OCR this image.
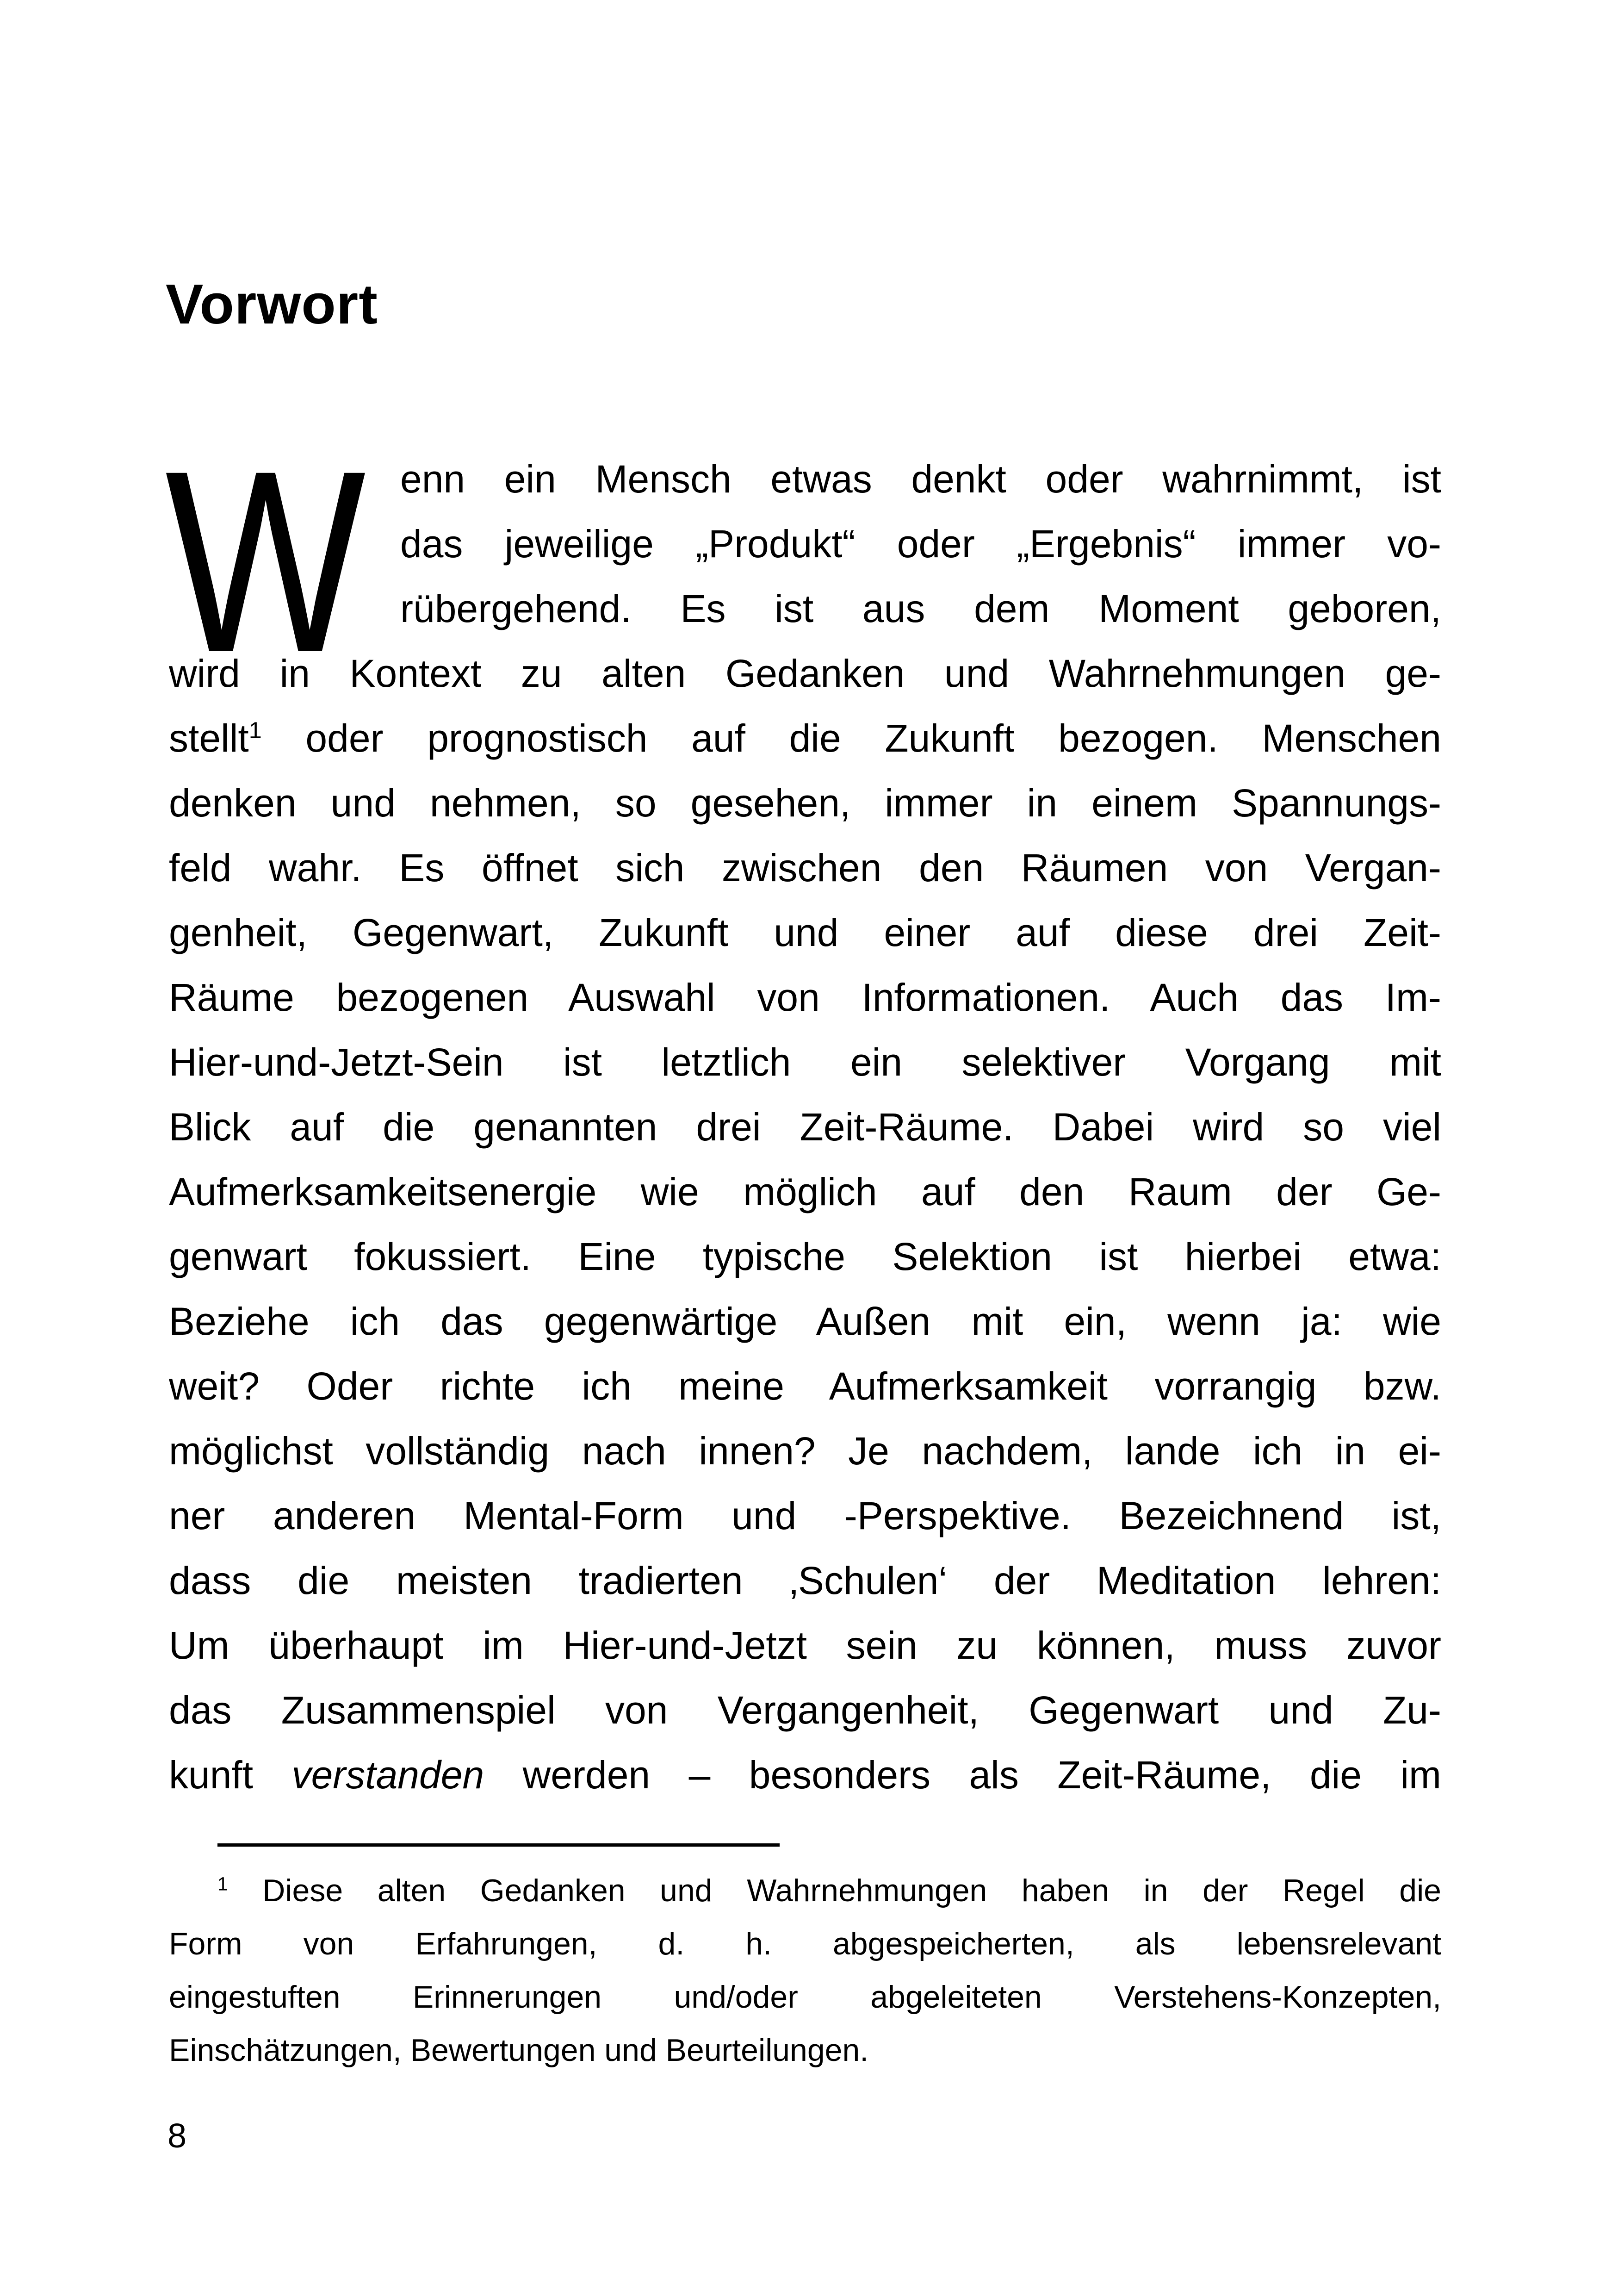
Vorwort
W enn ein Mensch etwas denkt oder wahrnimmt, ist
das jeweilige „Produkt“ oder „Ergebnis“ immer vo-
rübergehend. Es ist aus dem Moment geboren,
wird in Kontext zu alten Gedanken und Wahrnehmungen ge-
stellt$^1$ oder prognostisch auf die Zukunft bezogen. Menschen
denken und nehmen, so gesehen, immer in einem Spannungs-
feld wahr. Es öffnet sich zwischen den Räumen von Vergan-
genheit, Gegenwart, Zukunft und einer auf diese drei Zeit-
Räume bezogenen Auswahl von Informationen. Auch das Im-
Hier-und-Jetzt-Sein ist letztlich ein selektiver Vorgang mit
Blick auf die genannten drei Zeit-Räume. Dabei wird so viel
Aufmerksamkeitsenergie wie möglich auf den Raum der Ge-
genwart fokussiert. Eine typische Selektion ist hierbei etwa:
Beziehe ich das gegenwärtige Außen mit ein, wenn ja: wie
weit? Oder richte ich meine Aufmerksamkeit vorrangig bzw.
möglichst vollständig nach innen? Je nachdem, lande ich in ei-
ner anderen Mental-Form und -Perspektive. Bezeichnend ist,
dass die meisten tradierten ‚Schulen‘ der Meditation lehren:
Um überhaupt im Hier-und-Jetzt sein zu können, muss zuvor
das Zusammenspiel von Vergangenheit, Gegenwart und Zu-
kunft verstanden werden – besonders als Zeit-Räume, die im
$^1$ Diese alten Gedanken und Wahrnehmungen haben in der Regel die
Form von Erfahrungen, d. h. abgespeicherten, als lebensrelevant
eingestuften Erinnerungen und/oder abgeleiteten Verstehens-Konzepten,
Einschätzungen, Bewertungen und Beurteilungen.
8
